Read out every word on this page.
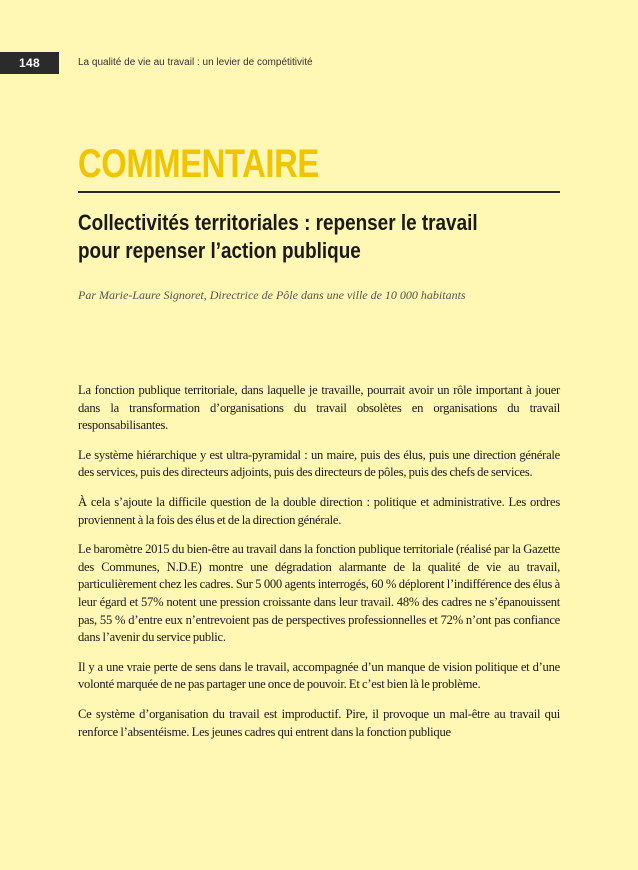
148	La qualité de vie au travail : un levier de compétitivité
COMMENTAIRE
Collectivités territoriales : repenser le travail
pour repenser l’action publique
Par Marie-Laure Signoret, Directrice de Pôle dans une ville de 10 000 habitants

La fonction publique territoriale, dans laquelle je travaille, pourrait avoir un rôle important à jouer dans la transformation d’organisations du travail obsolètes en organisations du travail responsabilisantes.

Le système hiérarchique y est ultra-pyramidal : un maire, puis des élus, puis une direction générale des services, puis des directeurs adjoints, puis des directeurs de pôles, puis des chefs de services.

À cela s’ajoute la difficile question de la double direction : politique et administrative. Les ordres proviennent à la fois des élus et de la direction générale.

Le baromètre 2015 du bien-être au travail dans la fonction publique territoriale (réalisé par la Gazette des Communes, N.D.E) montre une dégradation alarmante de la qualité de vie au travail, particulièrement chez les cadres. Sur 5 000 agents interrogés, 60 % déplorent l’indifférence des élus à leur égard et 57% notent une pression croissante dans leur travail. 48% des cadres ne s’épanouissent pas, 55 % d’entre eux n’entrevoient pas de perspectives professionnelles et 72% n’ont pas confiance dans l’avenir du service public.

Il y a une vraie perte de sens dans le travail, accompagnée d’un manque de vision politique et d’une volonté marquée de ne pas partager une once de pouvoir. Et c’est bien là le problème.

Ce système d’organisation du travail est improductif. Pire, il provoque un mal-être au travail qui renforce l’absentéisme. Les jeunes cadres qui entrent dans la fonction publique
